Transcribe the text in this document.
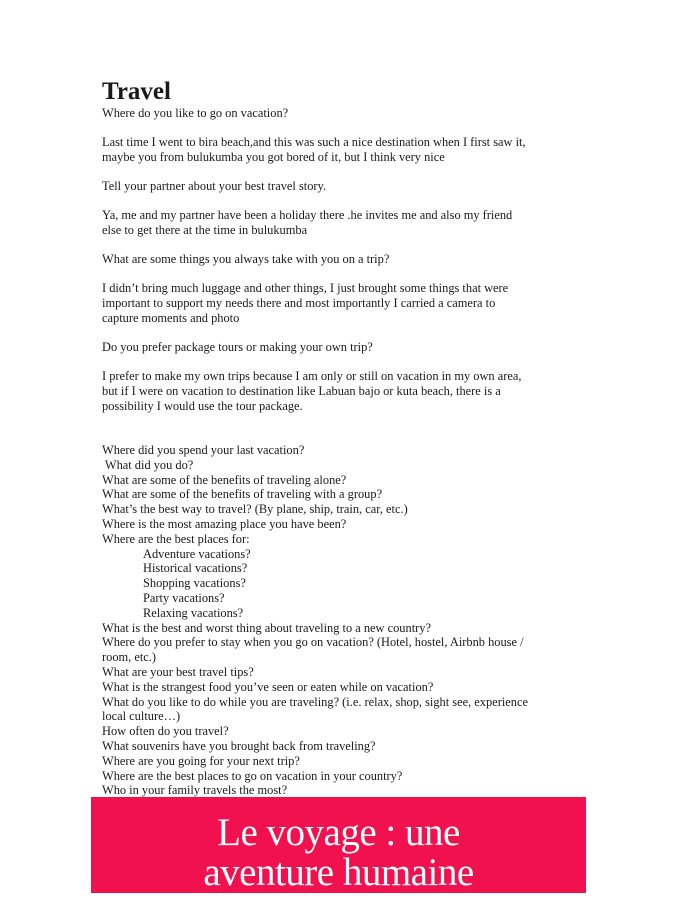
Travel

Where do you like to go on vacation?

Last time I went to bira beach,and this was such a nice destination when I first saw it,

maybe you from bulukumba you got bored of it, but I think very nice

Tell your partner about your best travel story.

Ya, me and my partner have been a holiday there .he invites me and also my friend

else to get there at the time in bulukumba

What are some things you always take with you on a trip?

I didn’t bring much luggage and other things, I just brought some things that were

important to support my needs there and most importantly I carried a camera to

capture moments and photo

Do you prefer package tours or making your own trip?

I prefer to make my own trips because I am only or still on vacation in my own area,

but if I were on vacation to destination like Labuan bajo or kuta beach, there is a

possibility I would use the tour package.

Where did you spend your last vacation?
What did you do?
What are some of the benefits of traveling alone?
What are some of the benefits of traveling with a group?
What’s the best way to travel? (By plane, ship, train, car, etc.)
Where is the most amazing place you have been?
Where are the best places for:
Adventure vacations?
Historical vacations?
Shopping vacations?
Party vacations?
Relaxing vacations?
What is the best and worst thing about traveling to a new country?
Where do you prefer to stay when you go on vacation? (Hotel, hostel, Airbnb house /
room, etc.)
What are your best travel tips?
What is the strangest food you’ve seen or eaten while on vacation?
What do you like to do while you are traveling? (i.e. relax, shop, sight see, experience
local culture…)
How often do you travel?
What souvenirs have you brought back from traveling?
Where are you going for your next trip?
Where are the best places to go on vacation in your country?
Who in your family travels the most?
Le voyage : une
aventure humaine
